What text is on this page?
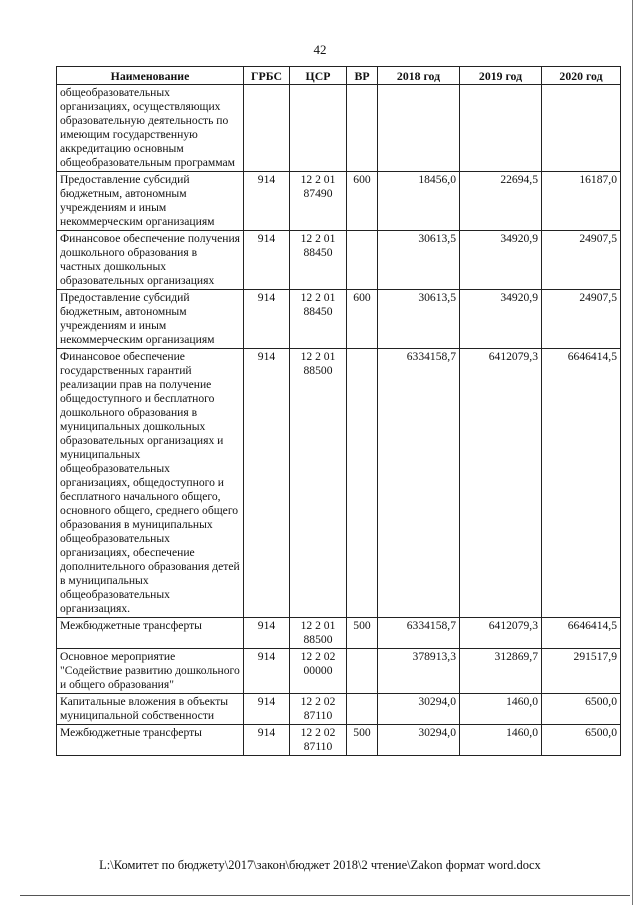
42
Наименование	ГРБС	ЦСР	ВР	2018 год	2019 год	2020 год
общеобразовательных организациях, осуществляющих образовательную деятельность по имеющим государственную аккредитацию основным общеобразовательным программам						
Предоставление субсидий бюджетным, автономным учреждениям и иным некоммерческим организациям	914	12 2 01 87490	600	18456,0	22694,5	16187,0
Финансовое обеспечение получения дошкольного образования в частных дошкольных образовательных организациях	914	12 2 01 88450		30613,5	34920,9	24907,5
Предоставление субсидий бюджетным, автономным учреждениям и иным некоммерческим организациям	914	12 2 01 88450	600	30613,5	34920,9	24907,5
Финансовое обеспечение государственных гарантий реализации прав на получение общедоступного и бесплатного дошкольного образования в муниципальных дошкольных образовательных организациях и муниципальных общеобразовательных организациях, общедоступного и бесплатного начального общего, основного общего, среднего общего образования в муниципальных общеобразовательных организациях, обеспечение дополнительного образования детей в муниципальных общеобразовательных организациях.	914	12 2 01 88500		6334158,7	6412079,3	6646414,5
Межбюджетные трансферты	914	12 2 01 88500	500	6334158,7	6412079,3	6646414,5
Основное мероприятие "Содействие развитию дошкольного и общего образования"	914	12 2 02 00000		378913,3	312869,7	291517,9
Капитальные вложения в объекты муниципальной собственности	914	12 2 02 87110		30294,0	1460,0	6500,0
Межбюджетные трансферты	914	12 2 02 87110	500	30294,0	1460,0	6500,0
L:\Комитет по бюджету\2017\закон\бюджет 2018\2 чтение\Zakon формат word.docx
